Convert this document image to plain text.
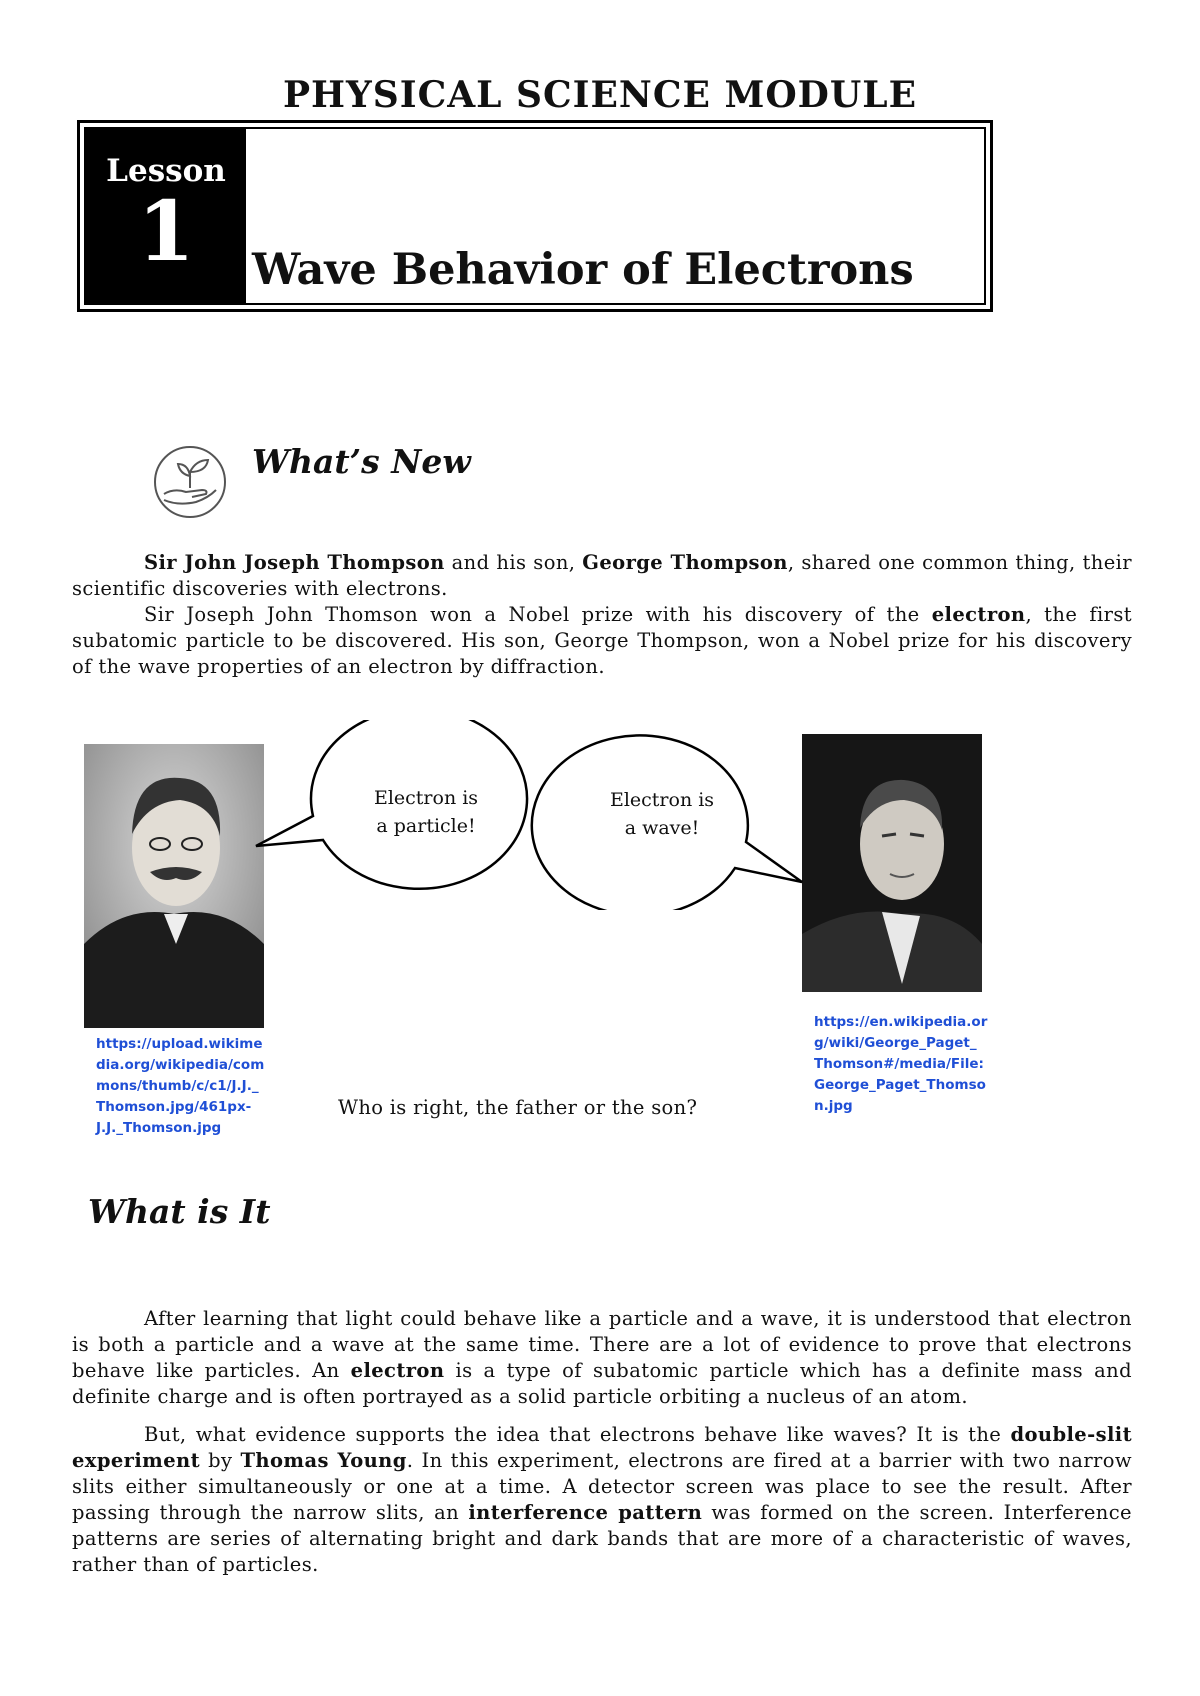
PHYSICAL SCIENCE MODULE
Lesson
1	Wave Behavior of Electrons
What’s New

Sir John Joseph Thompson and his son, George Thompson, shared one common thing, their scientific discoveries with electrons.

Sir Joseph John Thomson won a Nobel prize with his discovery of the electron, the first subatomic particle to be discovered. His son, George Thompson, won a Nobel prize for his discovery of the wave properties of an electron by diffraction.

Electron is
a particle!
Electron is
a wave!
https://upload.wikime
dia.org/wikipedia/com
mons/thumb/c/c1/J.J._
Thomson.jpg/461px-
J.J._Thomson.jpg
https://en.wikipedia.or
g/wiki/George_Paget_
Thomson#/media/File:
George_Paget_Thomso
n.jpg
Who is right, the father or the son?
What is It

After learning that light could behave like a particle and a wave, it is understood that electron is both a particle and a wave at the same time. There are a lot of evidence to prove that electrons behave like particles. An electron is a type of subatomic particle which has a definite mass and definite charge and is often portrayed as a solid particle orbiting a nucleus of an atom.

But, what evidence supports the idea that electrons behave like waves? It is the double-slit experiment by Thomas Young. In this experiment, electrons are fired at a barrier with two narrow slits either simultaneously or one at a time. A detector screen was place to see the result. After passing through the narrow slits, an interference pattern was formed on the screen. Interference patterns are series of alternating bright and dark bands that are more of a characteristic of waves, rather than of particles.
